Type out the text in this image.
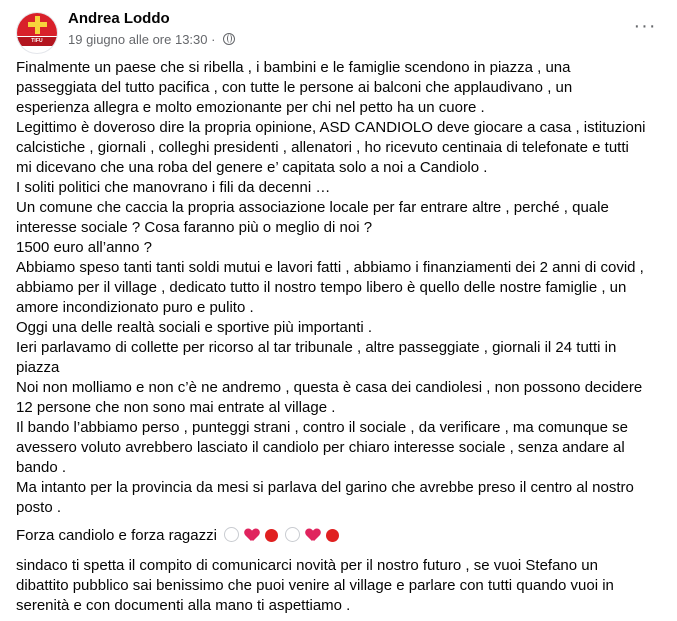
TIFU CANDIOLO
Andrea Loddo
19 giugno alle ore 13:30 ·
···
Finalmente un paese che si ribella , i bambini e le famiglie scendono in piazza , una
passeggiata del tutto pacifica , con tutte le persone ai balconi che applaudivano , un
esperienza allegra e molto emozionante per chi nel petto ha un cuore .
Legittimo è doveroso dire la propria opinione, ASD CANDIOLO deve giocare a casa , istituzioni
calcistiche , giornali , colleghi presidenti , allenatori , ho ricevuto centinaia di telefonate e tutti
mi dicevano che una roba del genere e’ capitata solo a noi a Candiolo .
I soliti politici che manovrano i fili da decenni …
Un comune che caccia la propria associazione locale per far entrare altre , perché , quale
interesse sociale ? Cosa faranno più o meglio di noi ?
1500 euro all’anno ?
Abbiamo speso tanti tanti soldi mutui e lavori fatti , abbiamo i finanziamenti dei 2 anni di covid ,
abbiamo per il village , dedicato tutto il nostro tempo libero è quello delle nostre famiglie , un
amore incondizionato puro e pulito .
Oggi una delle realtà sociali e sportive più importanti .
Ieri parlavamo di collette per ricorso al tar tribunale , altre passeggiate , giornali il 24 tutti in
piazza
Noi non molliamo e non c’è ne andremo , questa è casa dei candiolesi , non possono decidere
12 persone che non sono mai entrate al village .
Il bando l’abbiamo perso , punteggi strani , contro il sociale , da verificare , ma comunque se
avessero voluto avrebbero lasciato il candiolo per chiaro interesse sociale , senza andare al
bando .
Ma intanto per la provincia da mesi si parlava del garino che avrebbe preso il centro al nostro
posto .

Forza candiolo e forza ragazzi

sindaco ti spetta il compito di comunicarci novità per il nostro futuro , se vuoi Stefano un
dibattito pubblico sai benissimo che puoi venire al village e parlare con tutti quando vuoi in
serenità e con documenti alla mano ti aspettiamo .
